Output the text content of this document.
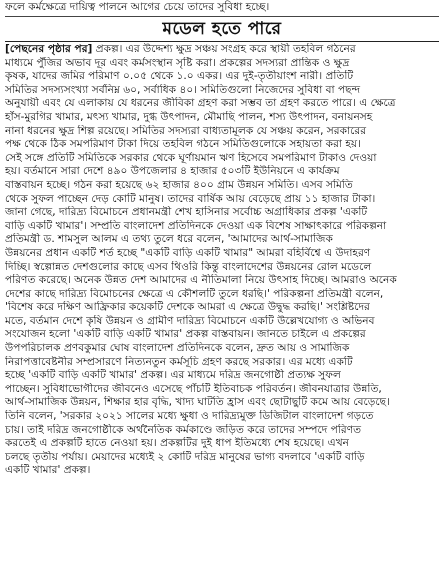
ফলে কর্মক্ষেত্রে দায়িত্ব পালনে আগের চেয়ে তাদের সুবিধা হচ্ছে।
মডেল হতে পারে
[পেছনের পৃষ্ঠার পর] প্রকল্প। এর উদ্দেশ্য ক্ষুদ্র সঞ্চয় সংগ্রহ করে স্থায়ী তহবিল গঠনের
মাধ্যমে পুঁজির অভাব দূর এবং কর্মসংস্থান সৃষ্টি করা। প্রকল্পের সদস্যরা প্রান্তিক ও ক্ষুদ্র
কৃষক, যাদের জমির পরিমাণ ০.০৫ থেকে ১.০ একর। এর দুই-তৃতীয়াংশ নারী। প্রতিটি
সমিতির সদস্যসংখ্যা সর্বনিম্ন ৬০, সর্বাধিক ৪০। সমিতিগুলো নিজেদের সুবিধা বা পছন্দ
অনুযায়ী এবং যে এলাকায় যে ধরনের জীবিকা গ্রহণ করা সম্ভব তা গ্রহণ করতে পারে। এ ক্ষেত্রে
হাঁস-মুরগির খামার, মৎস্য খামার, দুগ্ধ উৎপাদন, মৌমাছি পালন, শস্য উৎপাদন, বনায়নসহ
নানা ধরনের ক্ষুদ্র শিল্প রয়েছে। সমিতির সদস্যরা বাধ্যতামূলক যে সঞ্চয় করেন, সরকারের
পক্ষ থেকে ঠিক সমপরিমাণ টাকা দিয়ে তহবিল গঠনে সমিতিগুলোকে সহায়তা করা হয়।
সেই সঙ্গে প্রতিটি সমিতিকে সরকার থেকে ঘূর্ণায়মান ঋণ হিসেবে সমপরিমাণ টাকাও দেওয়া
হয়। বর্তমানে সারা দেশে ৪৯০ উপজেলার ৪ হাজার ৫০৩টি ইউনিয়নে এ কার্যক্রম
বাস্তবায়ন হচ্ছে। গঠন করা হয়েছে ৬২ হাজার ৪০০ গ্রাম উন্নয়ন সমিতি। এসব সমিতি
থেকে সুফল পাচ্ছেন দেড় কোটি মানুষ। তাদের বার্ষিক আয় বেড়েছে প্রায় ১১ হাজার টাকা।
জানা গেছে, দারিদ্র্য বিমোচনে প্রধানমন্ত্রী শেখ হাসিনার সর্বোচ্চ অগ্রাধিকার প্রকল্প 'একটি
বাড়ি একটি খামার'। সম্প্রতি বাংলাদেশ প্রতিদিনকে দেওয়া এক বিশেষ সাক্ষাৎকারে পরিকল্পনা
প্রতিমন্ত্রী ড. শামসুল আলম এ তথ্য তুলে ধরে বলেন, 'আমাদের আর্থ-সামাজিক
উন্নয়নের প্রধান একটি শর্ত হচ্ছে "একটি বাড়ি একটি খামার" আমরা বহির্বিশ্বে এ উদাহরণ
দিচ্ছি। স্বল্পোন্নত দেশগুলোর কাছে এসব থিওরি কিন্তু বাংলাদেশের উন্নয়নের রোল মডেলে
পরিণত করেছে। অনেক উন্নত দেশ আমাদের এ নীতিমালা নিয়ে উৎসাহ দিচ্ছে। আমরাও অনেক
দেশের কাছে দারিদ্র্য বিমোচনের ক্ষেত্রে এ কৌশলটি তুলে ধরছি।' পরিকল্পনা প্রতিমন্ত্রী বলেন,
'বিশেষ করে দক্ষিণ আফ্রিকার কয়েকটি দেশকে আমরা এ ক্ষেত্রে উদ্বুদ্ধ করছি।' সংশ্লিষ্টদের
মতে, বর্তমান দেশে কৃষি উন্নয়ন ও গ্রামীণ দারিদ্র্য বিমোচনে একটি উল্লেখযোগ্য ও অভিনব
সংযোজন হলো 'একটি বাড়ি একটি খামার' প্রকল্প বাস্তবায়ন। জানতে চাইলে এ প্রকল্পের
উপপরিচালক প্রণবকুমার ঘোষ বাংলাদেশ প্রতিদিনকে বলেন, দ্রুত আয় ও সামাজিক
নিরাপত্তাবেষ্টনীর সম্প্রসারণে নিত্যনতুন কর্মসূচি গ্রহণ করছে সরকার। এর মধ্যে একটি
হচ্ছে 'একটি বাড়ি একটি খামার' প্রকল্প। এর মাধ্যমে দরিদ্র জনগোষ্ঠী প্রত্যক্ষ সুফল
পাচ্ছেন। সুবিধাভোগীদের জীবনেও এসেছে পাঁচটি ইতিবাচক পরিবর্তন। জীবনযাত্রার উন্নতি,
আর্থ-সামাজিক উন্নয়ন, শিক্ষার হার বৃদ্ধি, খাদ্য ঘাটতি হ্রাস এবং ছোটাছুটি কমে আয় বেড়েছে।
তিনি বলেন, 'সরকার ২০২১ সালের মধ্যে ক্ষুধা ও দারিদ্র্যমুক্ত ডিজিটাল বাংলাদেশ গড়তে
চায়। তাই দরিদ্র জনগোষ্ঠীকে অর্থনৈতিক কর্মকাণ্ডে জড়িত করে তাদের সম্পদে পরিণত
করতেই এ প্রকল্পটি হাতে নেওয়া হয়। প্রকল্পটির দুই ধাপ ইতিমধ্যে শেষ হয়েছে। এখন
চলছে তৃতীয় পর্যায়। মেয়াদের মধ্যেই ২ কোটি দরিদ্র মানুষের ভাগ্য বদলাবে 'একটি বাড়ি
একটি খামার' প্রকল্প।
